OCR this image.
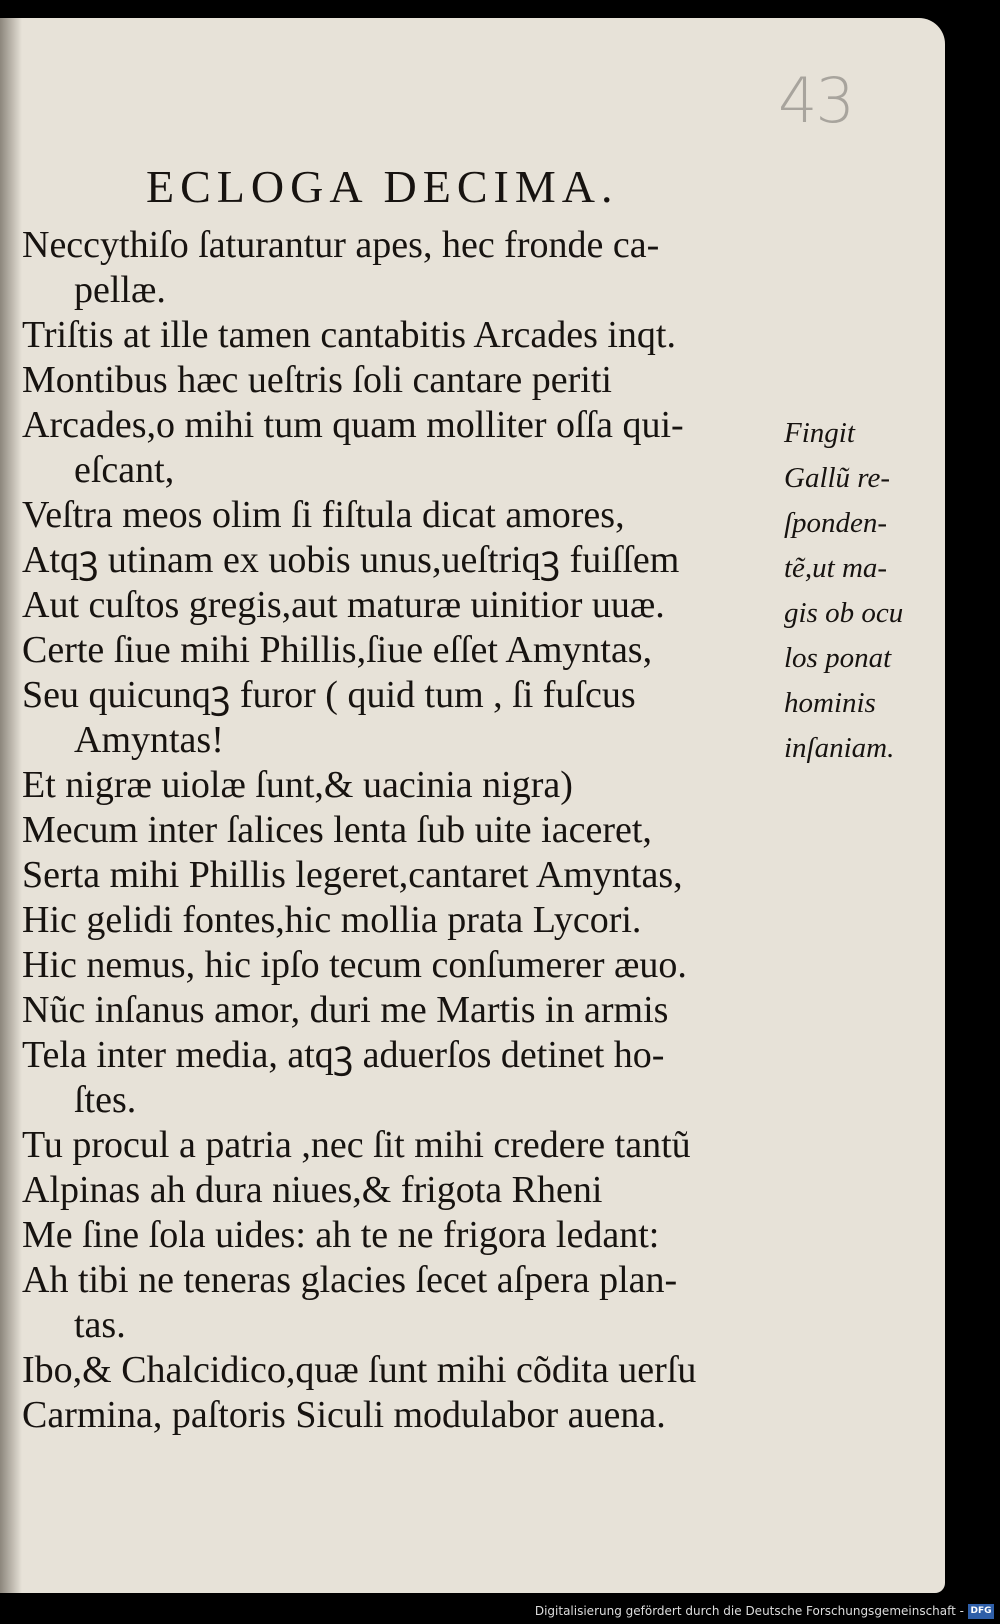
43
ECLOGA DECIMA.
Neccythiſo ſaturantur apes, hec fronde ca-
pellæ.
Triſtis at ille tamen cantabitis Arcades inqt.
Montibus hæc ueſtris ſoli cantare periti
Arcades,o mihi tum quam molliter oſſa qui-
eſcant,
Veſtra meos olim ſi fiſtula dicat amores,
Atqꝫ utinam ex uobis unus,ueſtriqꝫ fuiſſem
Aut cuſtos gregis,aut maturæ uinitior uuæ.
Certe ſiue mihi Phillis,ſiue eſſet Amyntas,
Seu quicunqꝫ furor ( quid tum , ſi fuſcus
Amyntas!
Et nigræ uiolæ ſunt,& uacinia nigra)
Mecum inter ſalices lenta ſub uite iaceret,
Serta mihi Phillis legeret,cantaret Amyntas,
Hic gelidi fontes,hic mollia prata Lycori.
Hic nemus, hic ipſo tecum conſumerer æuo.
Nũc inſanus amor, duri me Martis in armis
Tela inter media, atqꝫ aduerſos detinet ho-
ſtes.
Tu procul a patria ,nec ſit mihi credere tantũ
Alpinas ah dura niues,& frigota Rheni
Me ſine ſola uides: ah te ne frigora ledant:
Ah tibi ne teneras glacies ſecet aſpera plan-
tas.
Ibo,& Chalcidico,quæ ſunt mihi cõdita uerſu
Carmina, paſtoris Siculi modulabor auena.
Fingit
Gallũ re-
ſponden-
tẽ,ut ma-
gis ob ocu
los ponat
hominis
inſaniam.
Digitalisierung gefördert durch die Deutsche Forschungsgemeinschaft - DFG
